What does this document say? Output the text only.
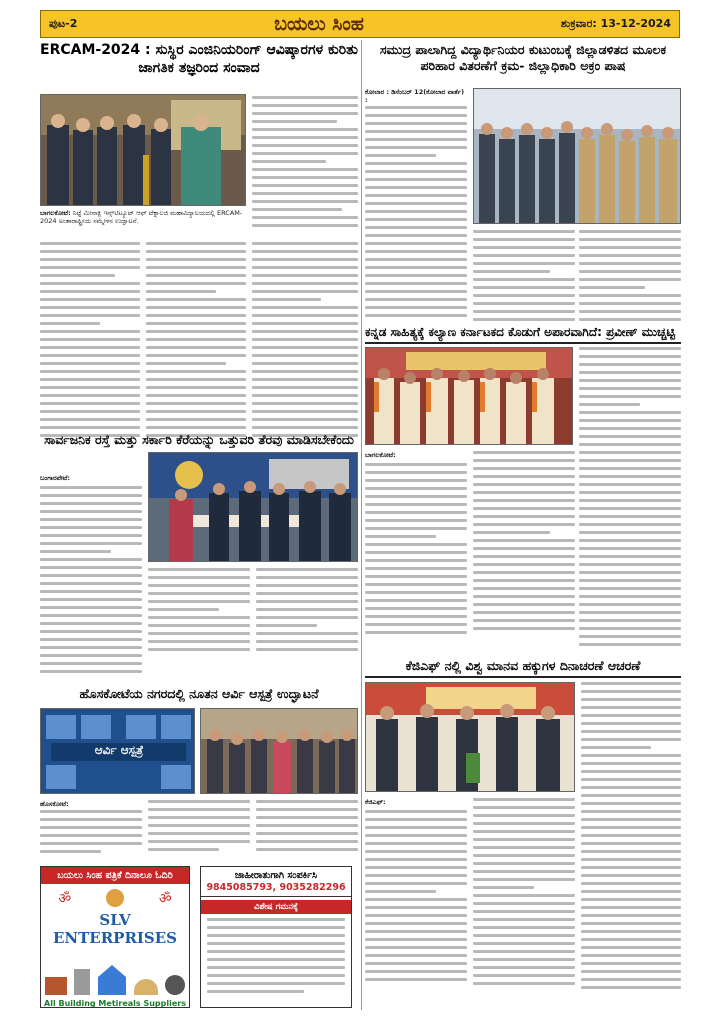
ಪುಟ-2	ಬಯಲು ಸಿಂಹ	ಶುಕ್ರವಾರ: 13-12-2024
ERCAM-2024 : ಸುಸ್ಥಿರ ಎಂಜಿನಿಯರಿಂಗ್ ಆವಿಷ್ಕಾರಗಳ ಕುರಿತು ಜಾಗತಿಕ ತಜ್ಞರಿಂದ ಸಂವಾದ
ಬಾಗಲಕೋಟೆ: ನಿಟ್ಟೆ ಮೀನಾಕ್ಷಿ ಇನ್ಸ್‌ಟಿಟ್ಯೂಟ್ ಆಫ್ ಟೆಕ್ನಾಲಜಿ ಮಹಾವಿದ್ಯಾಲಯದಲ್ಲಿ ERCAM-2024 ಅಂತಾರಾಷ್ಟ್ರೀಯ ಸಮ್ಮೇಳನ ಉದ್ಘಾಟನೆ.
ಸಮುದ್ರ ಪಾಲಾಗಿದ್ದ ವಿದ್ಯಾರ್ಥಿನಿಯರ ಕುಟುಂಬಕ್ಕೆ ಜಿಲ್ಲಾಡಳಿತದ ಮೂಲಕ ಪರಿಹಾರ ವಿತರಣೆಗೆ ಕ್ರಮ- ಜಿಲ್ಲಾಧಿಕಾರಿ ಅಕ್ರಂ ಪಾಷ
ಕೋಲಾರ : ಡಿಸೆಂಬರ್ 12(ಕೋಲಾರ ವಾರ್ತೆ) :
ಕನ್ನಡ ಸಾಹಿತ್ಯಕ್ಕೆ ಕಲ್ಯಾಣ ಕರ್ನಾಟಕದ ಕೊಡುಗೆ ಅಪಾರವಾಗಿದೆ: ಪ್ರವೀಣ್ ಮುಚ್ಚಟ್ಟಿ
ಬಾಗಲಕೋಟೆ:
ಸಾರ್ವಜನಿಕ ರಸ್ತೆ ಮತ್ತು ಸರ್ಕಾರಿ ಕೆರೆಯನ್ನು ಒತ್ತುವರಿ ತೆರವು ಮಾಡಿಸಬೇಕೆಂದು
ಬಂಗಾರಪೇಟೆ:
ಹೊಸಕೋಟೆಯ ನಗರದಲ್ಲಿ ನೂತನ ಆರ್ವಿ ಆಸ್ಪತ್ರೆ ಉದ್ಘಾಟನೆ
ಆರ್ವಿ ಆಸ್ಪತ್ರೆ
ಹೊಸಕೋಟೆ:
ಕೆಜಿಎಫ್ ನಲ್ಲಿ ವಿಶ್ವ ಮಾನವ ಹಕ್ಕುಗಳ ದಿನಾಚರಣೆ ಆಚರಣೆ
ಕೆಜಿಎಫ್:
ಬಯಲು ಸಿಂಹ ಪತ್ರಿಕೆ ದಿನಾಲೂ ಓದಿರಿ
ॐ	ॐ
SLV ENTERPRISES
All Building Metireals Suppliers
ಜಾಹೀರಾತುಗಾಗಿ ಸಂಪರ್ಕಿಸಿ
9845085793, 9035282296
ವಿಶೇಷ ಗಮನಕ್ಕೆ
